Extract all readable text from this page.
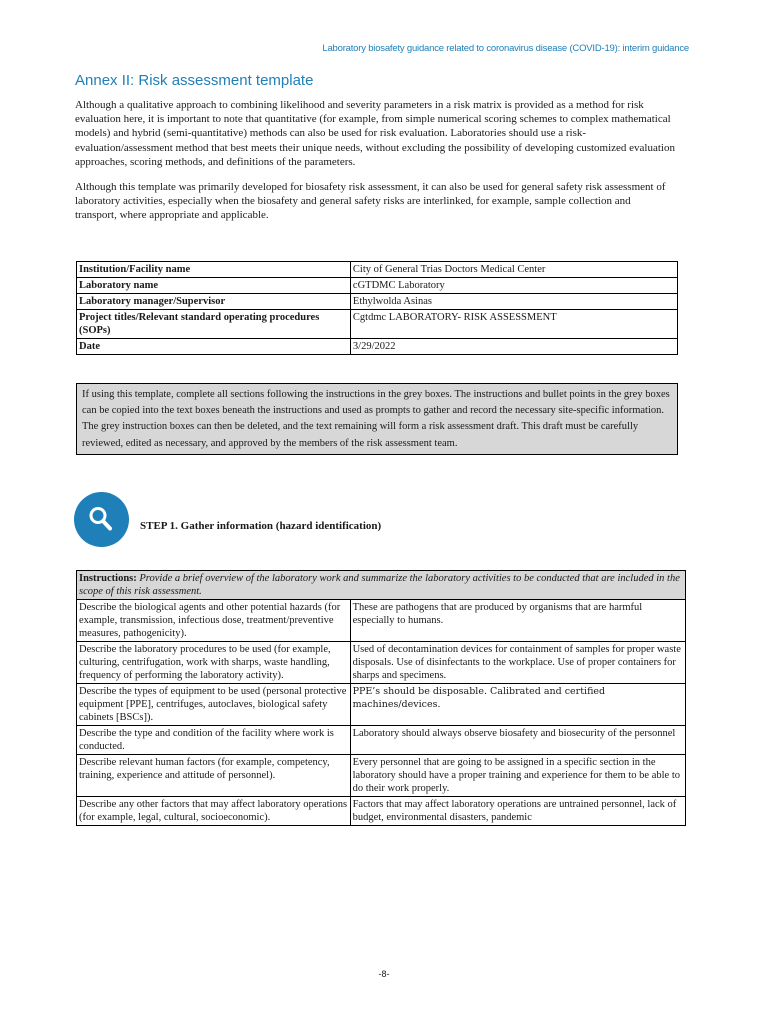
Laboratory biosafety guidance related to coronavirus disease (COVID-19): interim guidance
Annex II: Risk assessment template

Although a qualitative approach to combining likelihood and severity parameters in a risk matrix is provided as a method for risk evaluation here, it is important to note that quantitative (for example, from simple numerical scoring schemes to complex mathematical models) and hybrid (semi-quantitative) methods can also be used for risk evaluation. Laboratories should use a risk-evaluation/assessment method that best meets their unique needs, without excluding the possibility of developing customized evaluation approaches, scoring methods, and definitions of the parameters.

Although this template was primarily developed for biosafety risk assessment, it can also be used for general safety risk assessment of laboratory activities, especially when the biosafety and general safety risks are interlinked, for example, sample collection and transport, where appropriate and applicable.

Institution/Facility name	City of General Trias Doctors Medical Center
Laboratory name	cGTDMC Laboratory
Laboratory manager/Supervisor	Ethylwolda Asinas
Project titles/Relevant standard operating procedures (SOPs)	Cgtdmc LABORATORY- RISK ASSESSMENT
Date	3/29/2022
If using this template, complete all sections following the instructions in the grey boxes. The instructions and bullet points in the grey boxes can be copied into the text boxes beneath the instructions and used as prompts to gather and record the necessary site-specific information. The grey instruction boxes can then be deleted, and the text remaining will form a risk assessment draft. This draft must be carefully reviewed, edited as necessary, and approved by the members of the risk assessment team.

STEP 1. Gather information (hazard identification)

Instructions: Provide a brief overview of the laboratory work and summarize the laboratory activities to be conducted that are included in the scope of this risk assessment.	
Describe the biological agents and other potential hazards (for example, transmission, infectious dose, treatment/preventive measures, pathogenicity).	These are pathogens that are produced by organisms that are harmful especially to humans.
Describe the laboratory procedures to be used (for example, culturing, centrifugation, work with sharps, waste handling, frequency of performing the laboratory activity).	Used of decontamination devices for containment of samples for proper waste disposals. Use of disinfectants to the workplace. Use of proper containers for sharps and specimens.
Describe the types of equipment to be used (personal protective equipment [PPE], centrifuges, autoclaves, biological safety cabinets [BSCs]).	PPE’s should be disposable. Calibrated and certified machines/devices.
Describe the type and condition of the facility where work is conducted.	Laboratory should always observe biosafety and biosecurity of the personnel
Describe relevant human factors (for example, competency, training, experience and attitude of personnel).	Every personnel that are going to be assigned in a specific section in the laboratory should have a proper training and experience for them to be able to do their work properly.
Describe any other factors that may affect laboratory operations (for example, legal, cultural, socioeconomic).	Factors that may affect laboratory operations are untrained personnel, lack of budget, environmental disasters, pandemic
-8-
